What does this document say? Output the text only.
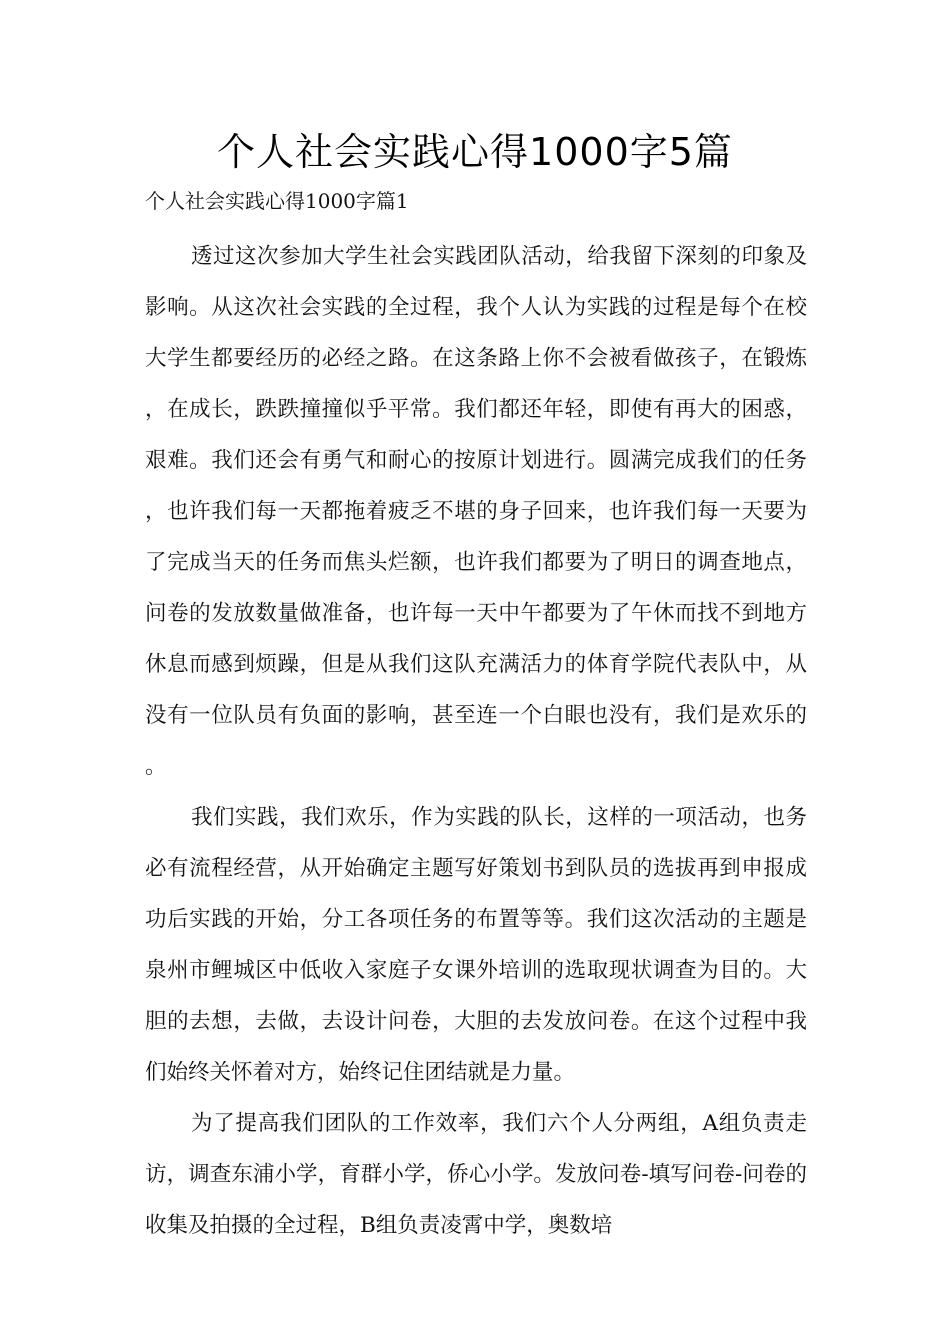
个人社会实践心得1000字5篇
个人社会实践心得1000字篇1

透过这次参加大学生社会实践团队活动，给我留下深刻的印象及影响。从这次社会实践的全过程，我个人认为实践的过程是每个在校大学生都要经历的必经之路。在这条路上你不会被看做孩子，在锻炼，在成长，跌跌撞撞似乎平常。我们都还年轻，即使有再大的困惑，艰难。我们还会有勇气和耐心的按原计划进行。圆满完成我们的任务，也许我们每一天都拖着疲乏不堪的身子回来，也许我们每一天要为了完成当天的任务而焦头烂额，也许我们都要为了明日的调查地点，问卷的发放数量做准备，也许每一天中午都要为了午休而找不到地方休息而感到烦躁，但是从我们这队充满活力的体育学院代表队中，从没有一位队员有负面的影响，甚至连一个白眼也没有，我们是欢乐的。

我们实践，我们欢乐，作为实践的队长，这样的一项活动，也务必有流程经营，从开始确定主题写好策划书到队员的选拔再到申报成功后实践的开始，分工各项任务的布置等等。我们这次活动的主题是泉州市鲤城区中低收入家庭子女课外培训的选取现状调查为目的。大胆的去想，去做，去设计问卷，大胆的去发放问卷。在这个过程中我们始终关怀着对方，始终记住团结就是力量。

为了提高我们团队的工作效率，我们六个人分两组，A组负责走访，调查东浦小学，育群小学，侨心小学。发放问卷-填写问卷-问卷的收集及拍摄的全过程，B组负责凌霄中学，奥数培
